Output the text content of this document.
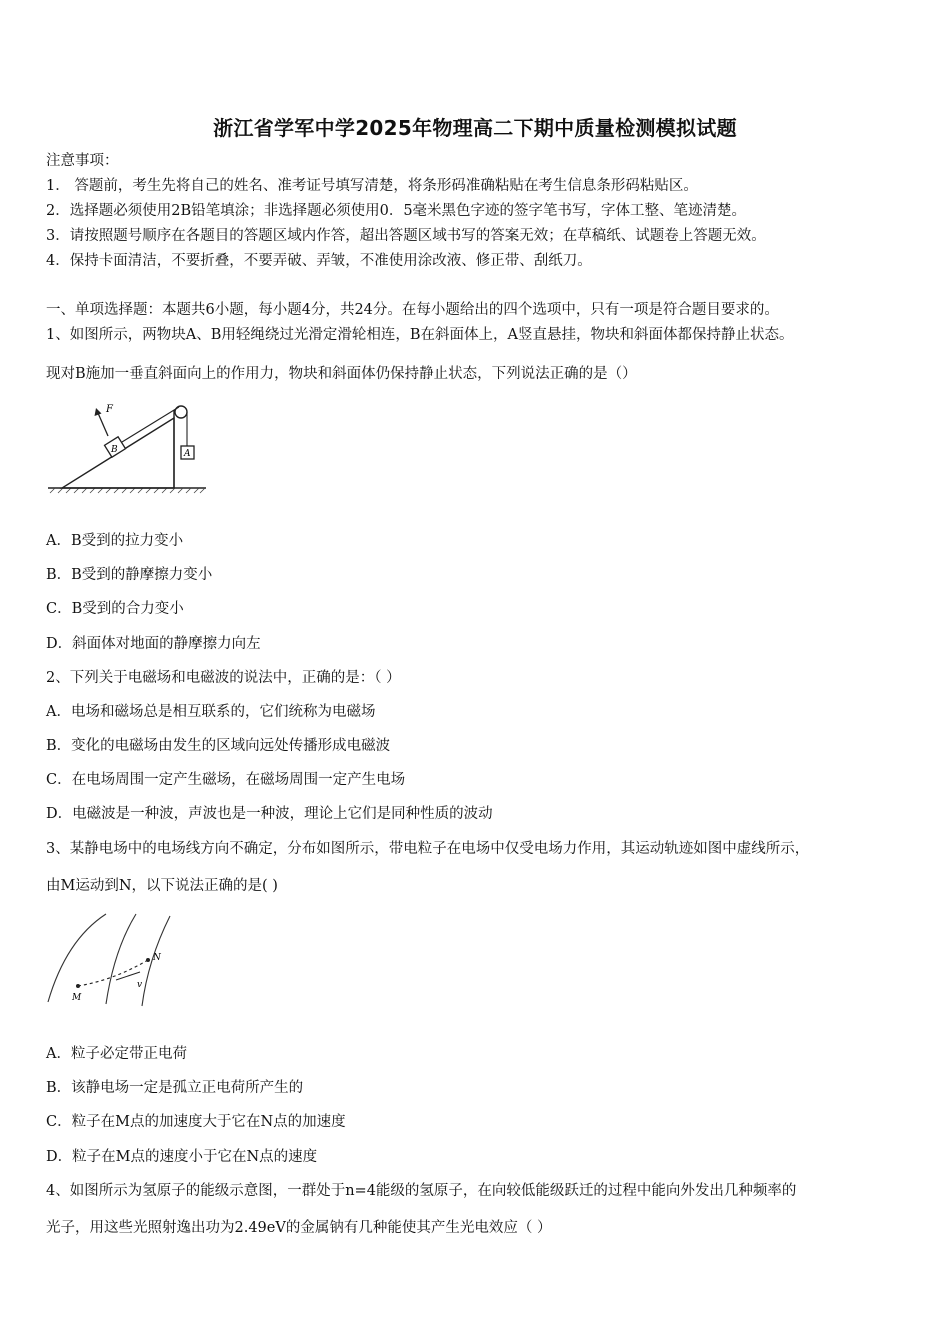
浙江省学军中学2025年物理高二下期中质量检测模拟试题
注意事项：
1． 答题前，考生先将自己的姓名、准考证号填写清楚，将条形码准确粘贴在考生信息条形码粘贴区。
2．选择题必须使用2B铅笔填涂；非选择题必须使用0．5毫米黑色字迹的签字笔书写，字体工整、笔迹清楚。
3．请按照题号顺序在各题目的答题区域内作答，超出答题区域书写的答案无效；在草稿纸、试题卷上答题无效。
4．保持卡面清洁，不要折叠，不要弄破、弄皱，不准使用涂改液、修正带、刮纸刀。
一、单项选择题：本题共6小题，每小题4分，共24分。在每小题给出的四个选项中，只有一项是符合题目要求的。
1、如图所示，两物块A、B用轻绳绕过光滑定滑轮相连，B在斜面体上，A竖直悬挂，物块和斜面体都保持静止状态。
现对B施加一垂直斜面向上的作用力，物块和斜面体仍保持静止状态，下列说法正确的是（）
B	A
F
A．B受到的拉力变小
B．B受到的静摩擦力变小
C．B受到的合力变小
D．斜面体对地面的静摩擦力向左
2、下列关于电磁场和电磁波的说法中，正确的是：（ ）
A．电场和磁场总是相互联系的，它们统称为电磁场
B．变化的电磁场由发生的区域向远处传播形成电磁波
C．在电场周围一定产生磁场，在磁场周围一定产生电场
D．电磁波是一种波，声波也是一种波，理论上它们是同种性质的波动
3、某静电场中的电场线方向不确定，分布如图所示，带电粒子在电场中仅受电场力作用，其运动轨迹如图中虚线所示，
由M运动到N，以下说法正确的是( )
M
N
v
A．粒子必定带正电荷
B．该静电场一定是孤立正电荷所产生的
C．粒子在M点的加速度大于它在N点的加速度
D．粒子在M点的速度小于它在N点的速度
4、如图所示为氢原子的能级示意图，一群处于n=4能级的氢原子，在向较低能级跃迁的过程中能向外发出几种频率的
光子，用这些光照射逸出功为2.49eV的金属钠有几种能使其产生光电效应（ ）
